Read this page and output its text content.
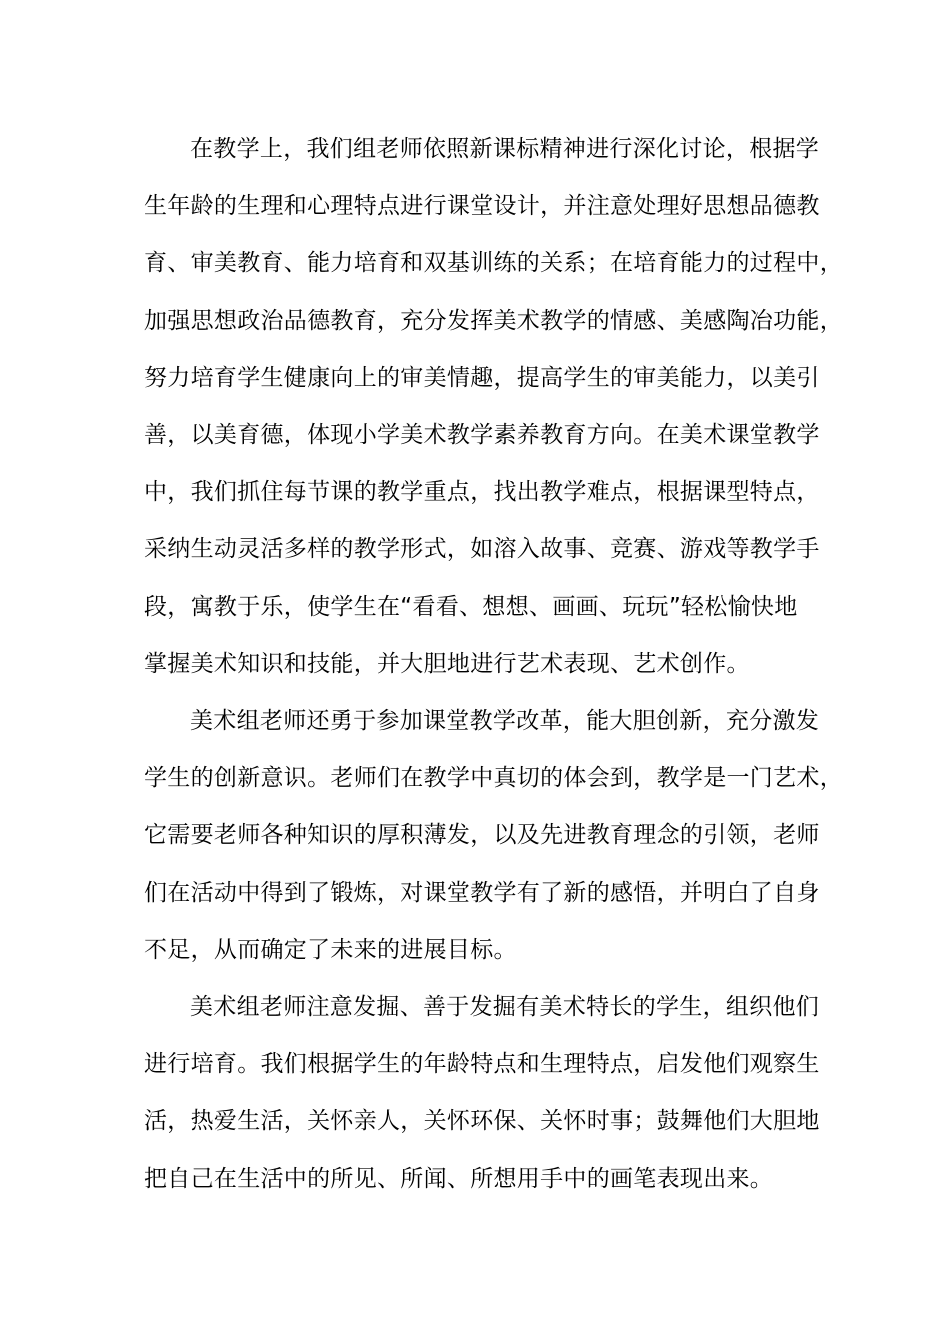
在教学上，我们组老师依照新课标精神进行深化讨论，根据学
生年龄的生理和心理特点进行课堂设计，并注意处理好思想品德教
育、审美教育、能力培育和双基训练的关系；在培育能力的过程中，
加强思想政治品德教育，充分发挥美术教学的情感、美感陶冶功能，
努力培育学生健康向上的审美情趣，提高学生的审美能力，以美引
善，以美育德，体现小学美术教学素养教育方向。在美术课堂教学
中，我们抓住每节课的教学重点，找出教学难点，根据课型特点，
采纳生动灵活多样的教学形式，如溶入故事、竞赛、游戏等教学手
段，寓教于乐，使学生在“看看、想想、画画、玩玩”轻松愉快地
掌握美术知识和技能，并大胆地进行艺术表现、艺术创作。

美术组老师还勇于参加课堂教学改革，能大胆创新，充分激发
学生的创新意识。老师们在教学中真切的体会到，教学是一门艺术，
它需要老师各种知识的厚积薄发，以及先进教育理念的引领，老师
们在活动中得到了锻炼，对课堂教学有了新的感悟，并明白了自身
不足，从而确定了未来的进展目标。

美术组老师注意发掘、善于发掘有美术特长的学生，组织他们
进行培育。我们根据学生的年龄特点和生理特点，启发他们观察生
活，热爱生活，关怀亲人，关怀环保、关怀时事；鼓舞他们大胆地
把自己在生活中的所见、所闻、所想用手中的画笔表现出来。
